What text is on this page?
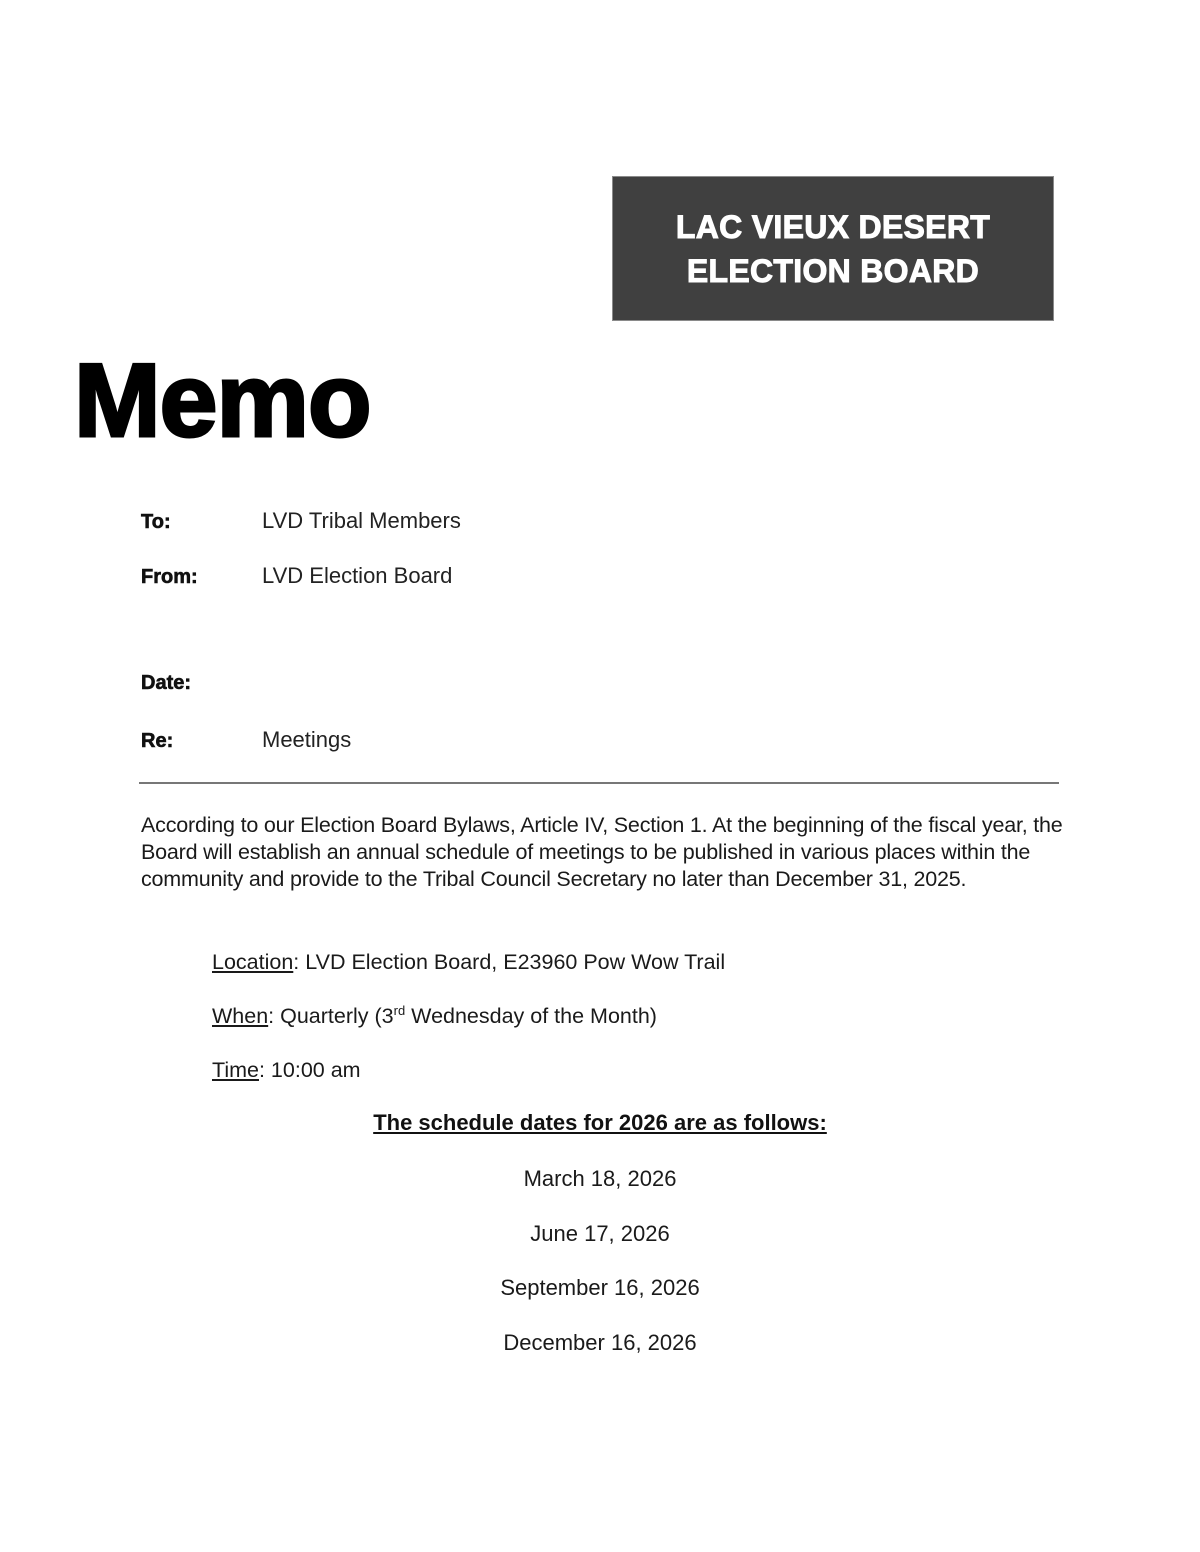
LAC VIEUX DESERT
ELECTION BOARD
Memo
To:	LVD Tribal Members
From:	LVD Election Board
Date:
Re:	Meetings
According to our Election Board Bylaws, Article IV, Section 1. At the beginning of the fiscal year, the Board will establish an annual schedule of meetings to be published in various places within the community and provide to the Tribal Council Secretary no later than December 31, 2025.
Location: LVD Election Board, E23960 Pow Wow Trail
When: Quarterly (3rd Wednesday of the Month)
Time: 10:00 am
The schedule dates for 2026 are as follows:
March 18, 2026
June 17, 2026
September 16, 2026
December 16, 2026
